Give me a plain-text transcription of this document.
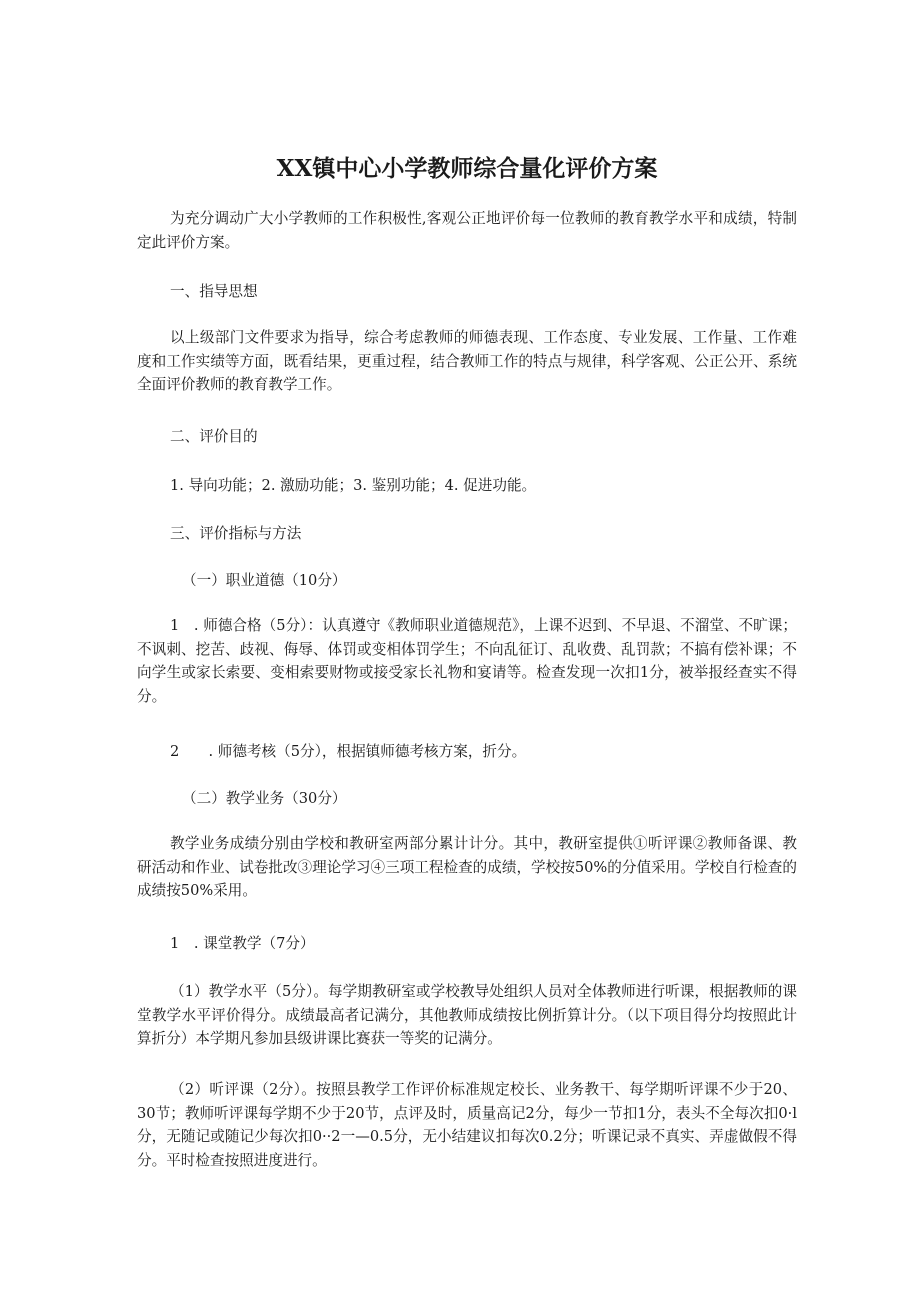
XX镇中心小学教师综合量化评价方案

为充分调动广大小学教师的工作积极性,客观公正地评价每一位教师的教育教学水平和成绩，特制定此评价方案。

一、指导思想

以上级部门文件要求为指导，综合考虑教师的师德表现、工作态度、专业发展、工作量、工作难度和工作实绩等方面，既看结果，更重过程，结合教师工作的特点与规律，科学客观、公正公开、系统全面评价教师的教育教学工作。

二、评价目的

1. 导向功能；2. 激励功能；3. 鉴别功能；4. 促进功能。

三、评价指标与方法

（一）职业道德（10分）

1　. 师德合格（5分）：认真遵守《教师职业道德规范》，上课不迟到、不早退、不溜堂、不旷课；不讽刺、挖苦、歧视、侮辱、体罚或变相体罚学生；不向乱征订、乱收费、乱罚款；不搞有偿补课；不向学生或家长索要、变相索要财物或接受家长礼物和宴请等。检查发现一次扣1分，被举报经查实不得分。

2　　. 师德考核（5分），根据镇师德考核方案，折分。

（二）教学业务（30分）

教学业务成绩分别由学校和教研室两部分累计计分。其中，教研室提供①听评课②教师备课、教研活动和作业、试卷批改③理论学习④三项工程检查的成绩，学校按50%的分值采用。学校自行检查的成绩按50%采用。

1　. 课堂教学（7分）

（1）教学水平（5分）。每学期教研室或学校教导处组织人员对全体教师进行听课，根据教师的课堂教学水平评价得分。成绩最高者记满分，其他教师成绩按比例折算计分。（以下项目得分均按照此计算折分）本学期凡参加县级讲课比赛获一等奖的记满分。

（2）听评课（2分）。按照县教学工作评价标准规定校长、业务教干、每学期听评课不少于20、30节；教师听评课每学期不少于20节，点评及时，质量高记2分，每少一节扣1分，表头不全每次扣0·l分，无随记或随记少每次扣0··2一—0.5分，无小结建议扣每次0.2分；听课记录不真实、弄虚做假不得分。平时检查按照进度进行。
